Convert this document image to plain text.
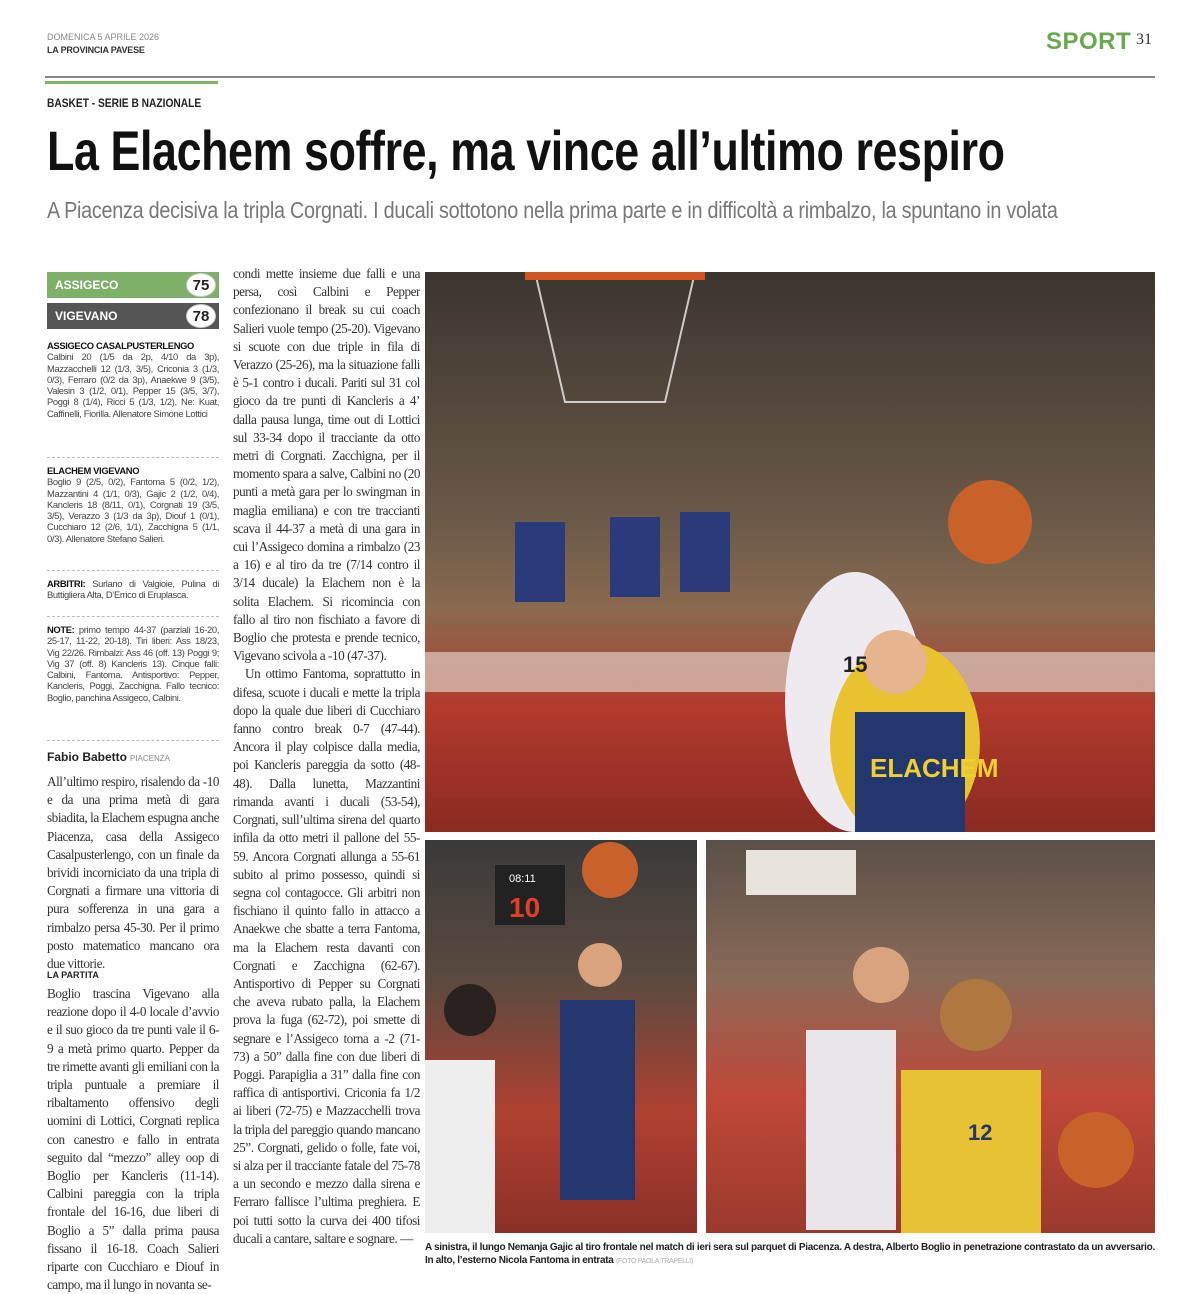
DOMENICA 5 APRILE 2026
LA PROVINCIA PAVESE	SPORT 31
BASKET - SERIE B NAZIONALE
La Elachem soffre, ma vince all’ultimo respiro
A Piacenza decisiva la tripla Corgnati. I ducali sottotono nella prima parte e in difficoltà a rimbalzo, la spuntano in volata
ASSIGECO	75
VIGEVANO	78
ASSIGECO CASALPUSTERLENGO
Calbini 20 (1/5 da 2p, 4/10 da 3p), Mazzacchelli 12 (1/3, 3/5), Criconia 3 (1/3, 0/3), Ferraro (0/2 da 3p), Anaekwe 9 (3/5), Valesin 3 (1/2, 0/1), Pepper 15 (3/5, 3/7), Poggi 8 (1/4), Ricci 5 (1/3, 1/2), Ne: Kuat, Caffinelli, Fiorilla. Allenatore Simone Lottici
ELACHEM VIGEVANO
Boglio 9 (2/5, 0/2), Fantoma 5 (0/2, 1/2), Mazzantini 4 (1/1, 0/3), Gajic 2 (1/2, 0/4), Kancleris 18 (8/11, 0/1), Corgnati 19 (3/5, 3/5), Verazzo 3 (1/3 da 3p), Diouf 1 (0/1), Cucchiaro 12 (2/6, 1/1), Zacchigna 5 (1/1, 0/3). Allenatore Stefano Salieri.
ARBITRI: Surlano di Valgioie, Pulina di Buttigliera Alta, D’Errico di Eruplasca.
NOTE: primo tempo 44-37 (parziali 16-20, 25-17, 11-22, 20-18). Tiri liberi: Ass 18/23, Vig 22/26. Rimbalzi: Ass 46 (off. 13) Poggi 9; Vig 37 (off. 8) Kancleris 13). Cinque falli: Calbini, Fantoma. Antisportivo: Pepper, Kancleris, Poggi, Zacchigna. Fallo tecnico: Boglio, panchina Assigeco, Calbini.
Fabio Babetto PIACENZA

All’ultimo respiro, risalendo da -10 e da una prima metà di gara sbiadita, la Elachem espugna anche Piacenza, casa della Assigeco Casalpusterlengo, con un finale da brividi incorniciato da una tripla di Corgnati a firmare una vittoria di pura sofferenza in una gara a rimbalzo persa 45-30. Per il primo posto matematico mancano ora due vittorie.

LA PARTITA

Boglio trascina Vigevano alla reazione dopo il 4-0 locale d’avvio e il suo gioco da tre punti vale il 6-9 a metà primo quarto. Pepper da tre rimette avanti gli emiliani con la tripla puntuale a premiare il ribaltamento offensivo degli uomini di Lottici, Corgnati replica con canestro e fallo in entrata seguito dal “mezzo” alley oop di Boglio per Kancleris (11-14). Calbini pareggia con la tripla frontale del 16-16, due liberi di Boglio a 5” dalla prima pausa fissano il 16-18. Coach Salieri riparte con Cucchiaro e Diouf in campo, ma il lungo in novanta se-

condi mette insieme due falli e una persa, così Calbini e Pepper confezionano il break su cui coach Salieri vuole tempo (25-20). Vigevano si scuote con due triple in fila di Verazzo (25-26), ma la situazione falli è 5-1 contro i ducali. Pariti sul 31 col gioco da tre punti di Kancleris a 4’ dalla pausa lunga, time out di Lottici sul 33-34 dopo il tracciante da otto metri di Corgnati. Zacchigna, per il momento spara a salve, Calbini no (20 punti a metà gara per lo swingman in maglia emiliana) e con tre traccianti scava il 44-37 a metà di una gara in cui l’Assigeco domina a rimbalzo (23 a 16) e al tiro da tre (7/14 contro il 3/14 ducale) la Elachem non è la solita Elachem. Si ricomincia con fallo al tiro non fischiato a favore di Boglio che protesta e prende tecnico, Vigevano scivola a -10 (47-37).

Un ottimo Fantoma, soprattutto in difesa, scuote i ducali e mette la tripla dopo la quale due liberi di Cucchiaro fanno contro break 0-7 (47-44). Ancora il play colpisce dalla media, poi Kancleris pareggia da sotto (48-48). Dalla lunetta, Mazzantini rimanda avanti i ducali (53-54), Corgnati, sull’ultima sirena del quarto infila da otto metri il pallone del 55-59. Ancora Corgnati allunga a 55-61 subito al primo possesso, quindi si segna col contagocce. Gli arbitri non fischiano il quinto fallo in attacco a Anaekwe che sbatte a terra Fantoma, ma la Elachem resta davanti con Corgnati e Zacchigna (62-67). Antisportivo di Pepper su Corgnati che aveva rubato palla, la Elachem prova la fuga (62-72), poi smette di segnare e l’Assigeco torna a -2 (71-73) a 50” dalla fine con due liberi di Poggi. Parapiglia a 31” dalla fine con raffica di antisportivi. Criconia fa 1/2 ai liberi (72-75) e Mazzacchelli trova la tripla del pareggio quando mancano 25”. Corgnati, gelido o folle, fate voi, si alza per il tracciante fatale del 75-78 a un secondo e mezzo dalla sirena e Ferraro fallisce l’ultima preghiera. E poi tutti sotto la curva dei 400 tifosi ducali a cantare, saltare e sognare. —

ELACHEM
15
08:11
10
12
A sinistra, il lungo Nemanja Gajic al tiro frontale nel match di ieri sera sul parquet di Piacenza. A destra, Alberto Boglio in penetrazione contrastato da un avversario. In alto, l’esterno Nicola Fantoma in entrata (FOTO PAOLA TRAPELLI)
